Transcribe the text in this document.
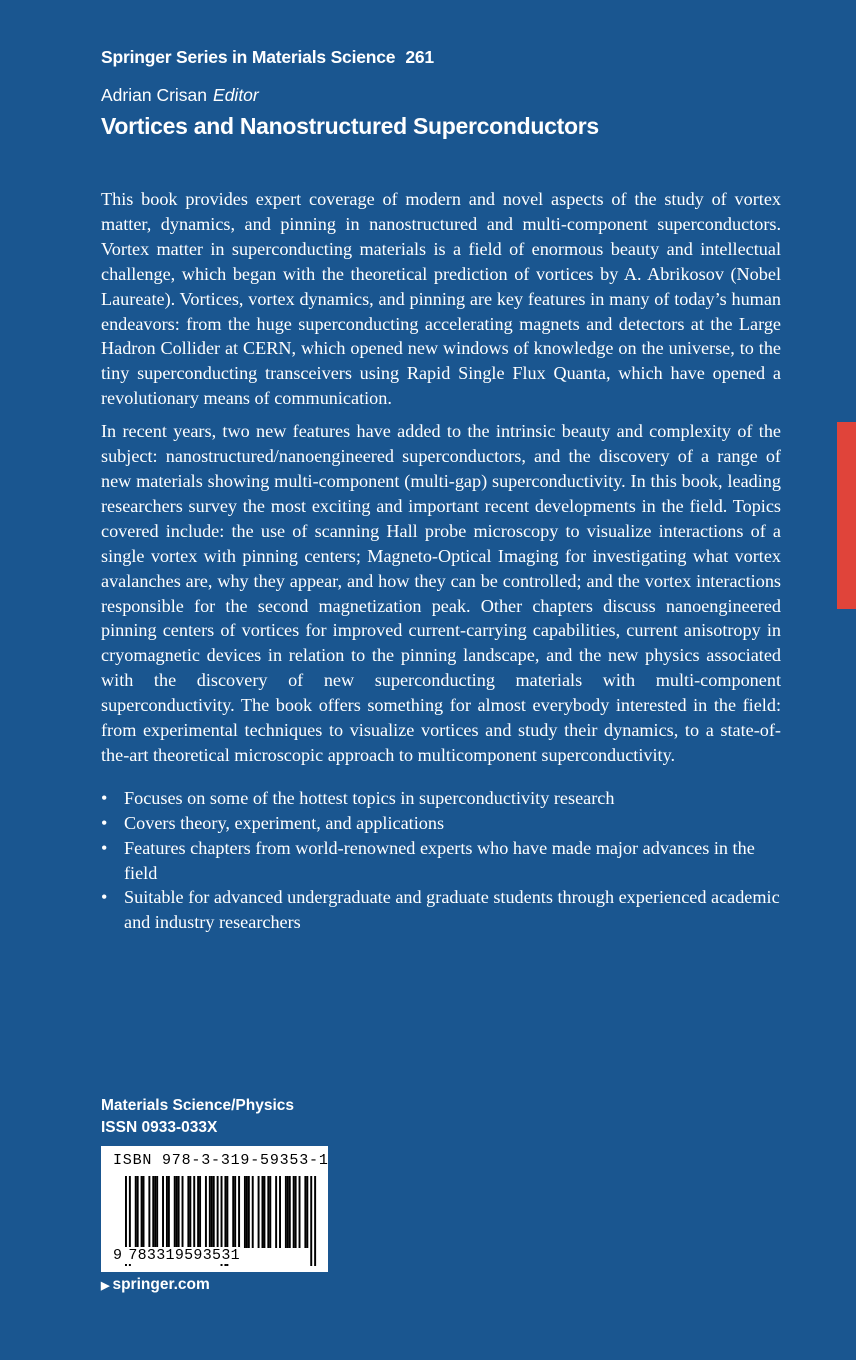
Springer Series in Materials Science 261
Adrian Crisan Editor
Vortices and Nanostructured Superconductors

This book provides expert coverage of modern and novel aspects of the study of vortex matter, dynamics, and pinning in nanostructured and multi-component superconductors. Vortex matter in superconducting materials is a field of enormous beauty and intellectual challenge, which began with the theoretical prediction of vortices by A. Abrikosov (Nobel Laureate). Vortices, vortex dynamics, and pinning are key features in many of today’s human endeavors: from the huge superconducting accelerating magnets and detectors at the Large Hadron Collider at CERN, which opened new windows of knowledge on the universe, to the tiny superconducting transceivers using Rapid Single Flux Quanta, which have opened a revolutionary means of communication.

In recent years, two new features have added to the intrinsic beauty and complexity of the subject: nanostructured/nanoengineered superconductors, and the discovery of a range of new materials showing multi-component (multi-gap) superconductivity. In this book, leading researchers survey the most exciting and important recent developments in the field. Topics covered include: the use of scanning Hall probe microscopy to visualize interactions of a single vortex with pinning centers; Magneto-Optical Imaging for investigating what vortex avalanches are, why they appear, and how they can be controlled; and the vortex interactions responsible for the second magnetization peak. Other chapters discuss nanoengineered pinning centers of vortices for improved current-carrying capabilities, current anisotropy in cryomagnetic devices in relation to the pinning landscape, and the new physics associated with the discovery of new superconducting materials with multi-component superconductivity. The book offers something for almost everybody interested in the field: from experimental techniques to visualize vortices and study their dynamics, to a state-of-the-art theoretical microscopic approach to multicomponent superconductivity.

• Focuses on some of the hottest topics in superconductivity research
• Covers theory, experiment, and applications
• Features chapters from world-renowned experts who have made major advances in the field
• Suitable for advanced undergraduate and graduate students through experienced academic and industry researchers
Materials Science/Physics
ISSN 0933-033X
ISBN 978-3-319-59353-1
9 783319593531
▶ springer.com
